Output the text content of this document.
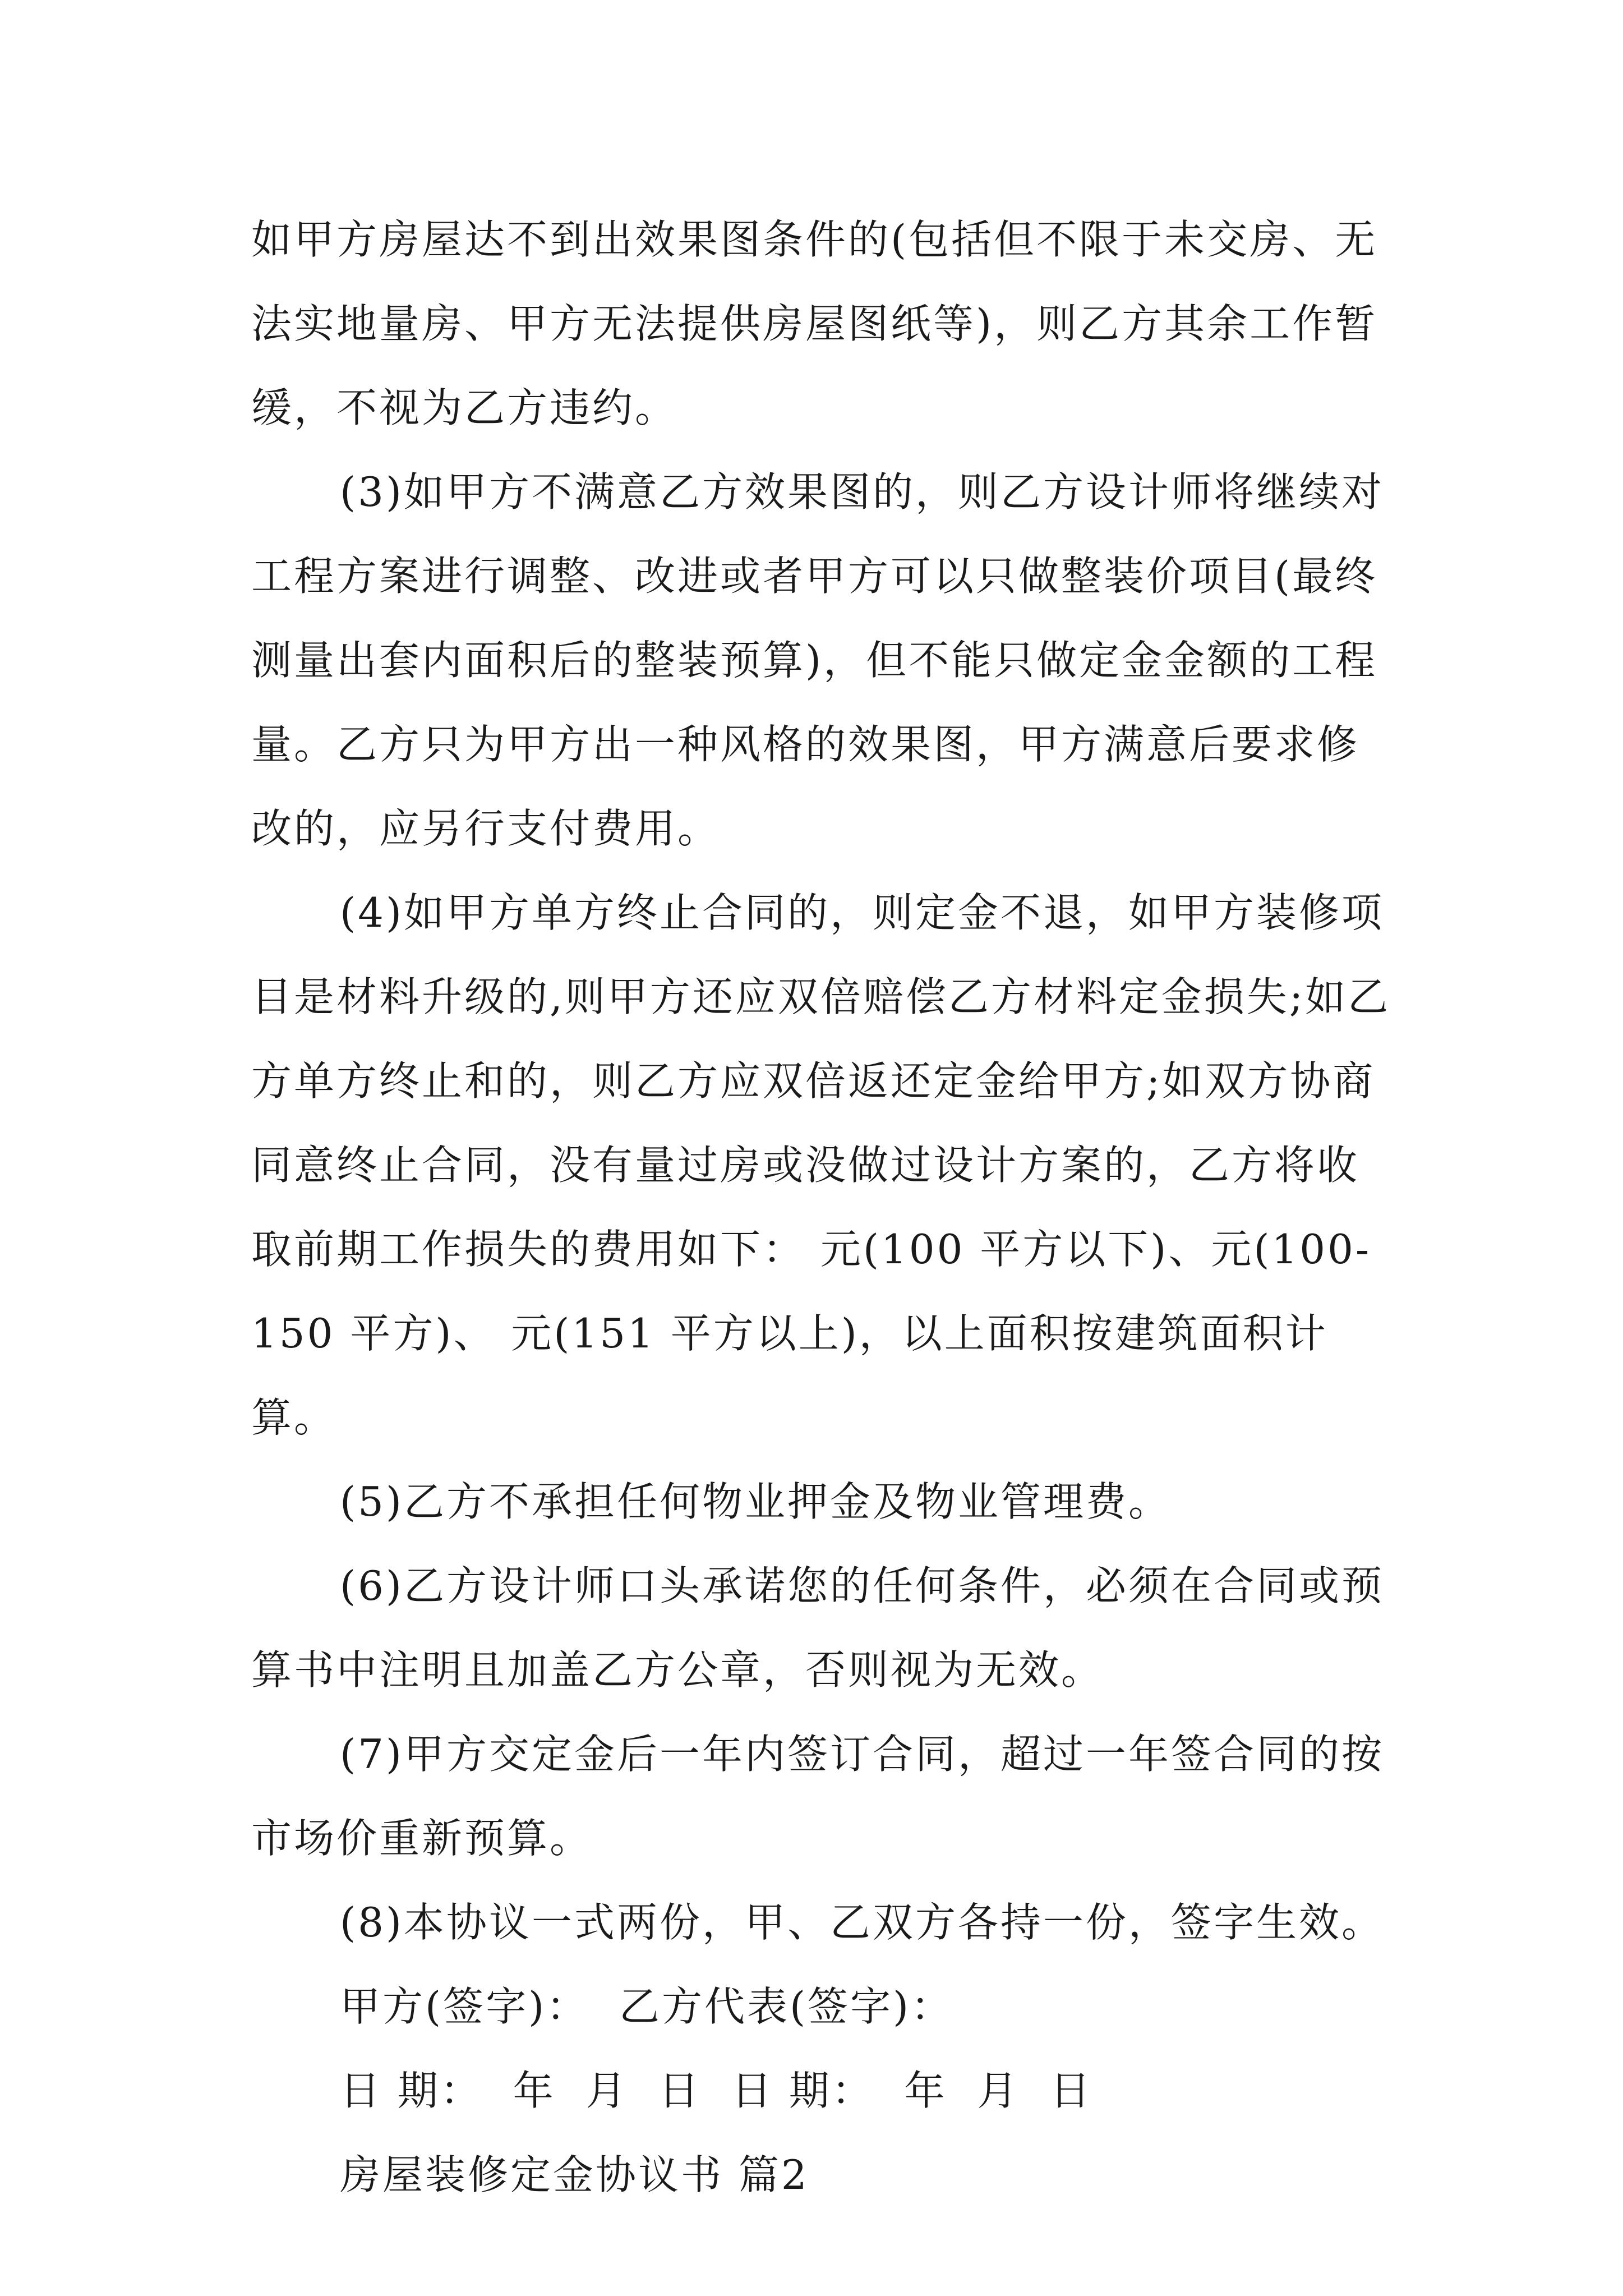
如甲方房屋达不到出效果图条件的(包括但不限于未交房、无法实地量房、甲方无法提供房屋图纸等)，则乙方其余工作暂缓，不视为乙方违约。

(3)如甲方不满意乙方效果图的，则乙方设计师将继续对工程方案进行调整、改进或者甲方可以只做整装价项目(最终测量出套内面积后的整装预算)，但不能只做定金金额的工程量。乙方只为甲方出一种风格的效果图，甲方满意后要求修改的，应另行支付费用。

(4)如甲方单方终止合同的，则定金不退，如甲方装修项目是材料升级的,则甲方还应双倍赔偿乙方材料定金损失;如乙方单方终止和的，则乙方应双倍返还定金给甲方;如双方协商同意终止合同，没有量过房或没做过设计方案的，乙方将收取前期工作损失的费用如下： 元(100 平方以下)、元(100-150 平方)、 元(151 平方以上)，以上面积按建筑面积计算。

(5)乙方不承担任何物业押金及物业管理费。

(6)乙方设计师口头承诺您的任何条件，必须在合同或预算书中注明且加盖乙方公章，否则视为无效。

(7)甲方交定金后一年内签订合同，超过一年签合同的按市场价重新预算。

(8)本协议一式两份，甲、乙双方各持一份，签字生效。

甲方(签字)：  乙方代表(签字)：

日 期：  年  月  日  日 期：  年  月  日

房屋装修定金协议书 篇2
